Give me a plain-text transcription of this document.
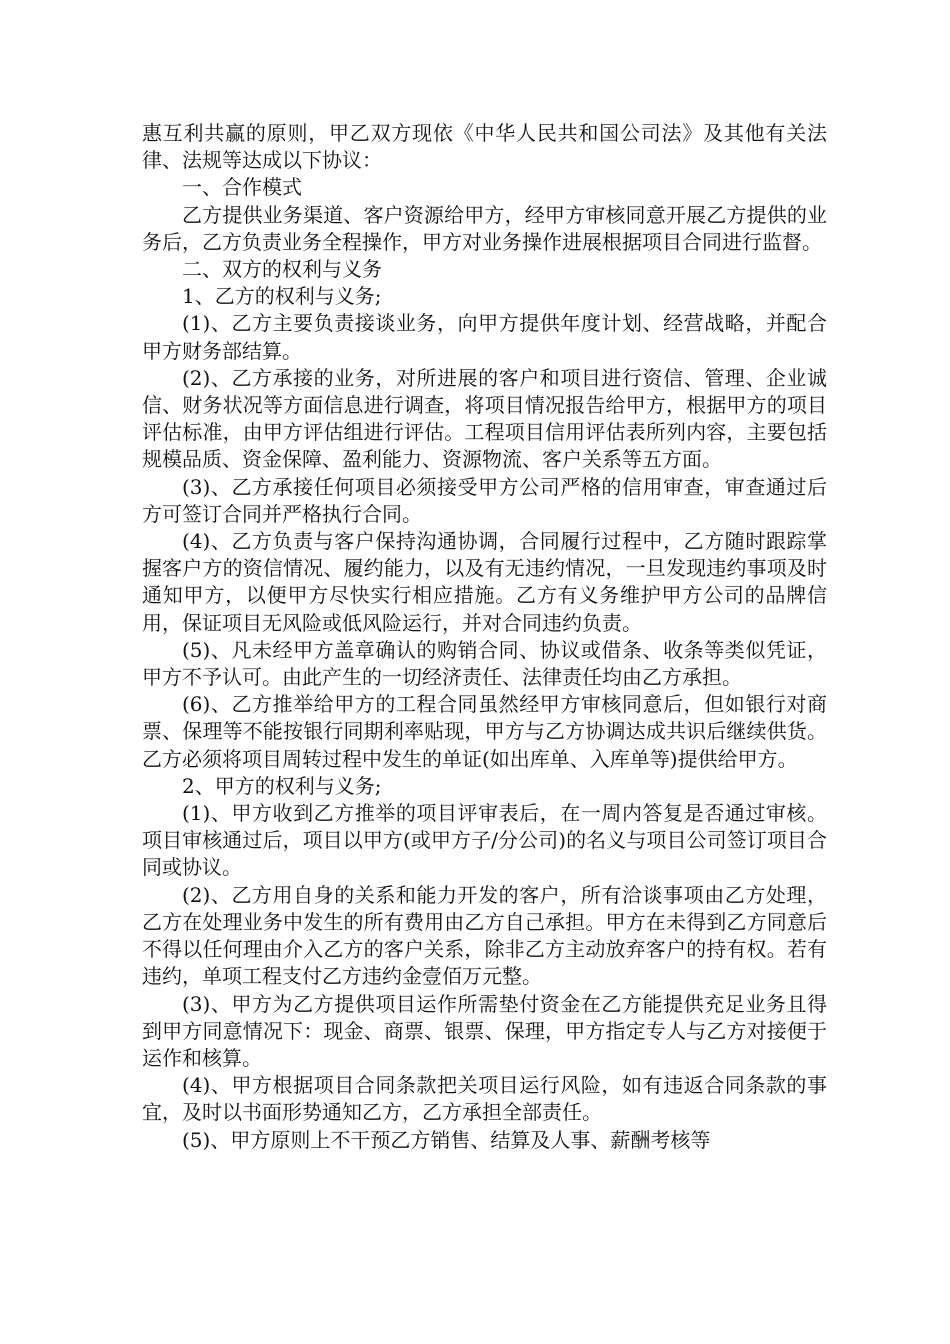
惠互利共赢的原则，甲乙双方现依《中华人民共和国公司法》及其他有关法律、法规等达成以下协议：

一、合作模式

乙方提供业务渠道、客户资源给甲方，经甲方审核同意开展乙方提供的业务后，乙方负责业务全程操作，甲方对业务操作进展根据项目合同进行监督。

二、双方的权利与义务

1、乙方的权利与义务;

(1)、乙方主要负责接谈业务，向甲方提供年度计划、经营战略，并配合甲方财务部结算。

(2)、乙方承接的业务，对所进展的客户和项目进行资信、管理、企业诚信、财务状况等方面信息进行调查，将项目情况报告给甲方，根据甲方的项目评估标准，由甲方评估组进行评估。工程项目信用评估表所列内容，主要包括规模品质、资金保障、盈利能力、资源物流、客户关系等五方面。

(3)、乙方承接任何项目必须接受甲方公司严格的信用审查，审查通过后方可签订合同并严格执行合同。

(4)、乙方负责与客户保持沟通协调，合同履行过程中，乙方随时跟踪掌握客户方的资信情况、履约能力，以及有无违约情况，一旦发现违约事项及时通知甲方，以便甲方尽快实行相应措施。乙方有义务维护甲方公司的品牌信用，保证项目无风险或低风险运行，并对合同违约负责。

(5)、凡未经甲方盖章确认的购销合同、协议或借条、收条等类似凭证，甲方不予认可。由此产生的一切经济责任、法律责任均由乙方承担。

(6)、乙方推举给甲方的工程合同虽然经甲方审核同意后，但如银行对商票、保理等不能按银行同期利率贴现，甲方与乙方协调达成共识后继续供货。乙方必须将项目周转过程中发生的单证(如出库单、入库单等)提供给甲方。

2、甲方的权利与义务;

(1)、甲方收到乙方推举的项目评审表后，在一周内答复是否通过审核。项目审核通过后，项目以甲方(或甲方子/分公司)的名义与项目公司签订项目合同或协议。

(2)、乙方用自身的关系和能力开发的客户，所有洽谈事项由乙方处理，乙方在处理业务中发生的所有费用由乙方自己承担。甲方在未得到乙方同意后不得以任何理由介入乙方的客户关系，除非乙方主动放弃客户的持有权。若有违约，单项工程支付乙方违约金壹佰万元整。

(3)、甲方为乙方提供项目运作所需垫付资金在乙方能提供充足业务且得到甲方同意情况下：现金、商票、银票、保理，甲方指定专人与乙方对接便于运作和核算。

(4)、甲方根据项目合同条款把关项目运行风险，如有违返合同条款的事宜，及时以书面形势通知乙方，乙方承担全部责任。

(5)、甲方原则上不干预乙方销售、结算及人事、薪酬考核等
